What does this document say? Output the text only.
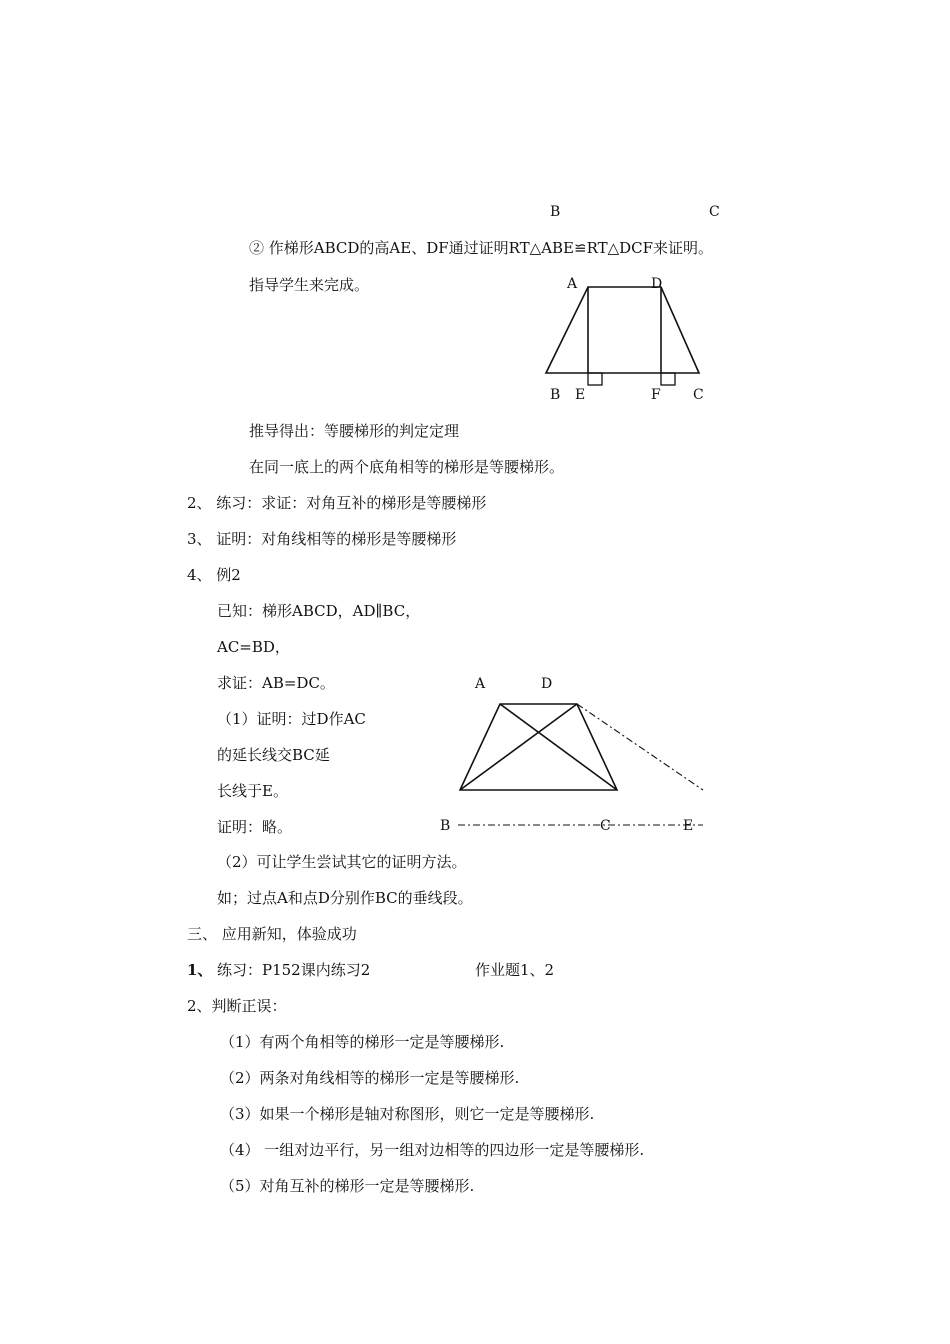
B	C
A	D
B E	F C
A	D
B	C	E
② 作梯形ABCD的高AE、DF通过证明RT△ABE≌RT△DCF来证明。
指导学生来完成。
推导得出：等腰梯形的判定定理
在同一底上的两个底角相等的梯形是等腰梯形。
2、 练习：求证：对角互补的梯形是等腰梯形
3、 证明：对角线相等的梯形是等腰梯形
4、 例2
已知：梯形ABCD，AD∥BC，
AC=BD，
求证：AB=DC。
（1）证明：过D作AC
的延长线交BC延
长线于E。
证明：略。
（2）可让学生尝试其它的证明方法。
如；过点A和点D分别作BC的垂线段。
三、 应用新知，体验成功
1、 练习：P152课内练习2	作业题1、2
2、判断正误：
（1）有两个角相等的梯形一定是等腰梯形.
（2）两条对角线相等的梯形一定是等腰梯形.
（3）如果一个梯形是轴对称图形，则它一定是等腰梯形.
（4） 一组对边平行，另一组对边相等的四边形一定是等腰梯形.
（5）对角互补的梯形一定是等腰梯形.
